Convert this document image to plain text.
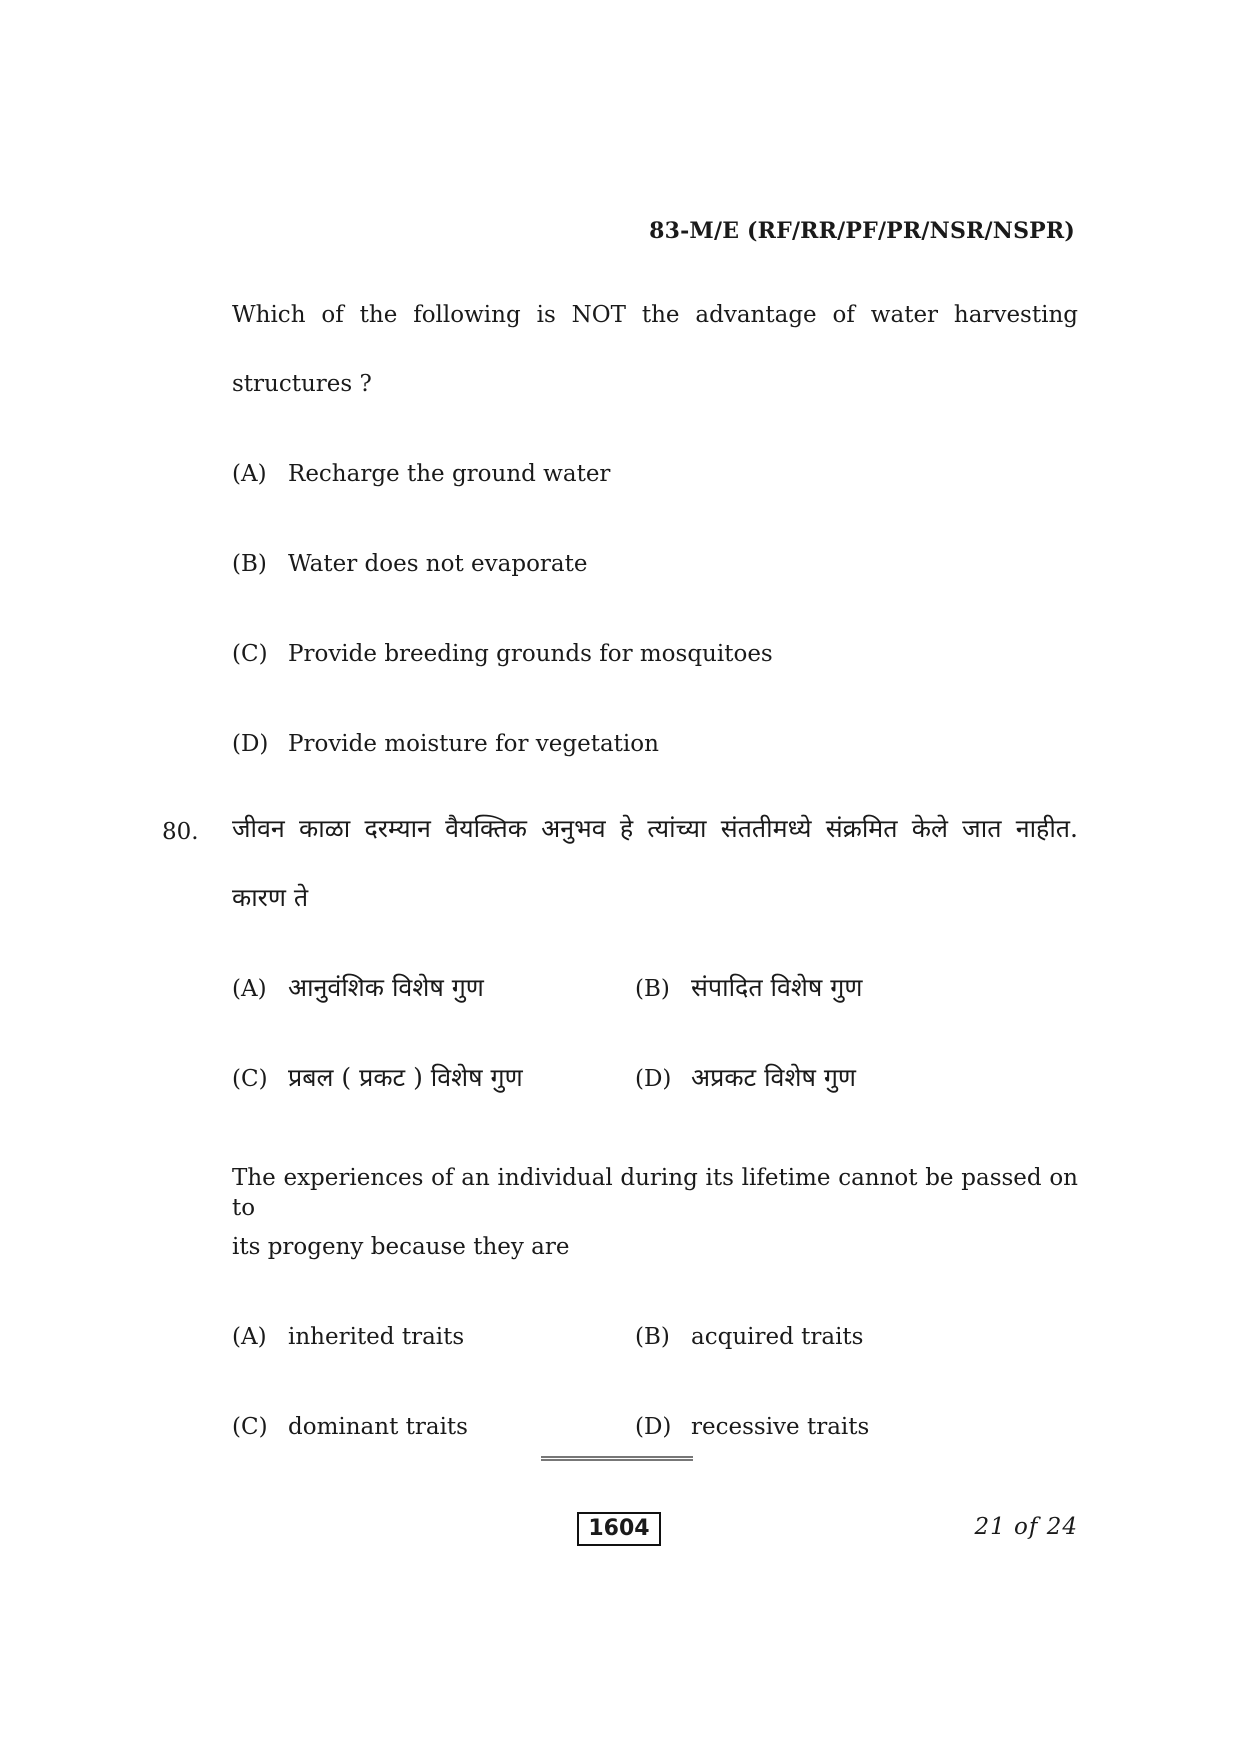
83-M/E (RF/RR/PF/PR/NSR/NSPR)
Which of the following is NOT the advantage of water harvesting
structures ?
(A) Recharge the ground water
(B) Water does not evaporate
(C) Provide breeding grounds for mosquitoes
(D) Provide moisture for vegetation
80. जीवन काळा दरम्यान वैयक्तिक अनुभव हे त्यांच्या संततीमध्ये संक्रमित केले जात नाहीत.
कारण ते
(A) आनुवंशिक विशेष गुण	(B) संपादित विशेष गुण
(C) प्रबल ( प्रकट ) विशेष गुण	(D) अप्रकट विशेष गुण
The experiences of an individual during its lifetime cannot be passed on to
its progeny because they are
(A) inherited traits	(B) acquired traits
(C) dominant traits	(D) recessive traits
1604	21 of 24
